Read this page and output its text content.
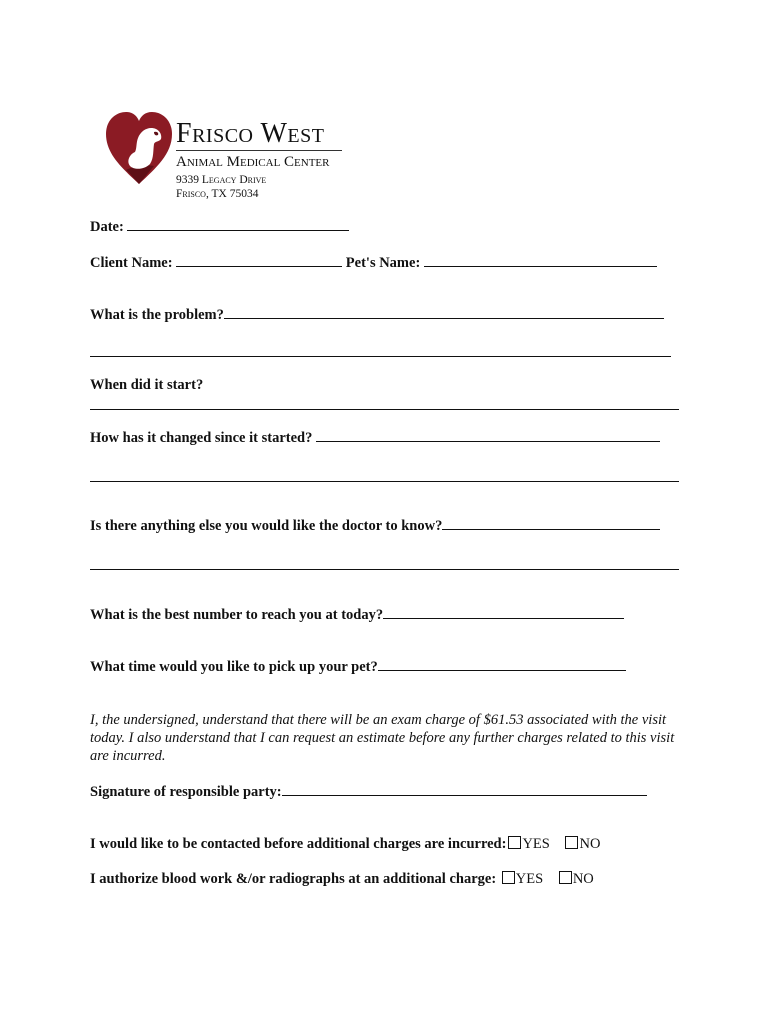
Frisco West
Animal Medical Center
9339 Legacy Drive
Frisco, TX 75034
Date:
Client Name:	Pet's Name:
What is the problem?
When did it start?
How has it changed since it started?
Is there anything else you would like the doctor to know?
What is the best number to reach you at today?
What time would you like to pick up your pet?
I, the undersigned, understand that there will be an exam charge of $61.53 associated with the visit today. I also understand that I can request an estimate before any further charges related to this visit are incurred.
Signature of responsible party:
I would like to be contacted before additional charges are incurred: YES NO
I authorize blood work &/or radiographs at an additional charge: YES NO
